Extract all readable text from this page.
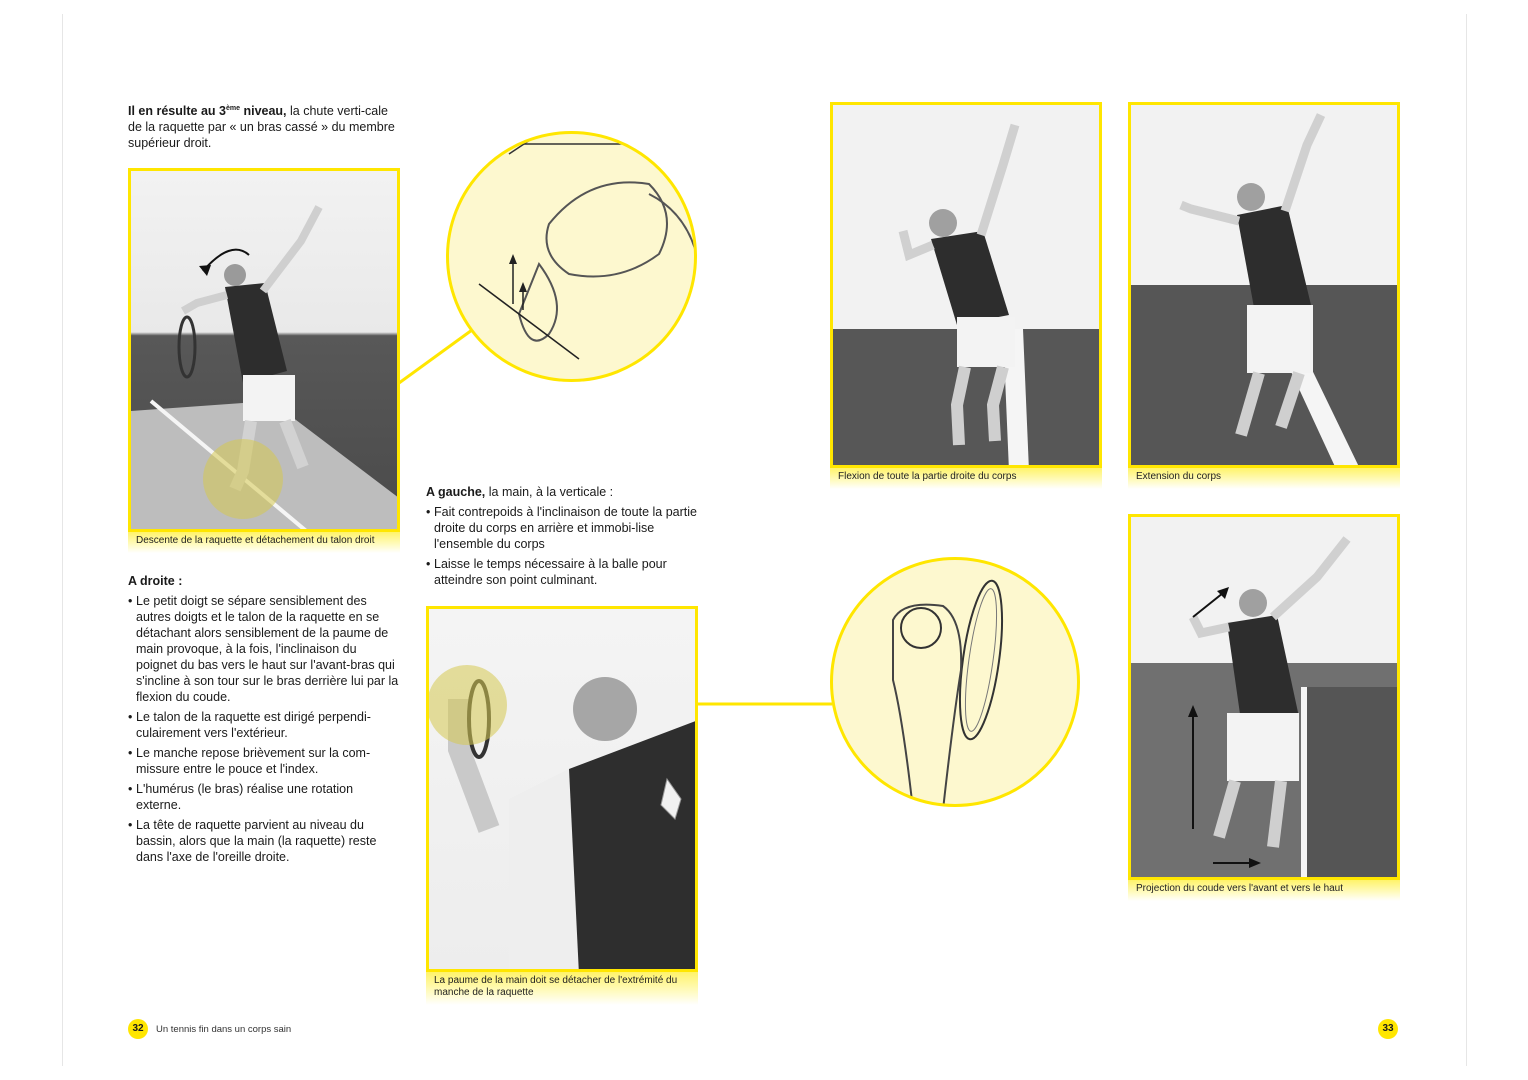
Il en résulte au 3ème niveau, la chute verti-cale de la raquette par « un bras cassé » du membre supérieur droit.
Descente de la raquette et détachement du talon droit
A droite :
• Le petit doigt se sépare sensiblement des autres doigts et le talon de la raquette en se détachant alors sensiblement de la paume de main provoque, à la fois, l'inclinaison du poignet du bas vers le haut sur l'avant-bras qui s'incline à son tour sur le bras derrière lui par la flexion du coude.
• Le talon de la raquette est dirigé perpendi-culairement vers l'extérieur.
• Le manche repose brièvement sur la com-missure entre le pouce et l'index.
• L'humérus (le bras) réalise une rotation externe.
• La tête de raquette parvient au niveau du bassin, alors que la main (la raquette) reste dans l'axe de l'oreille droite.
A gauche, la main, à la verticale :
• Fait contrepoids à l'inclinaison de toute la partie droite du corps en arrière et immobi-lise l'ensemble du corps
• Laisse le temps nécessaire à la balle pour atteindre son point culminant.
La paume de la main doit se détacher de l'extrémité du manche de la raquette
Flexion de toute la partie droite du corps	Extension du corps
Projection du coude vers l'avant et vers le haut
32	Un tennis fin dans un corps sain	33
